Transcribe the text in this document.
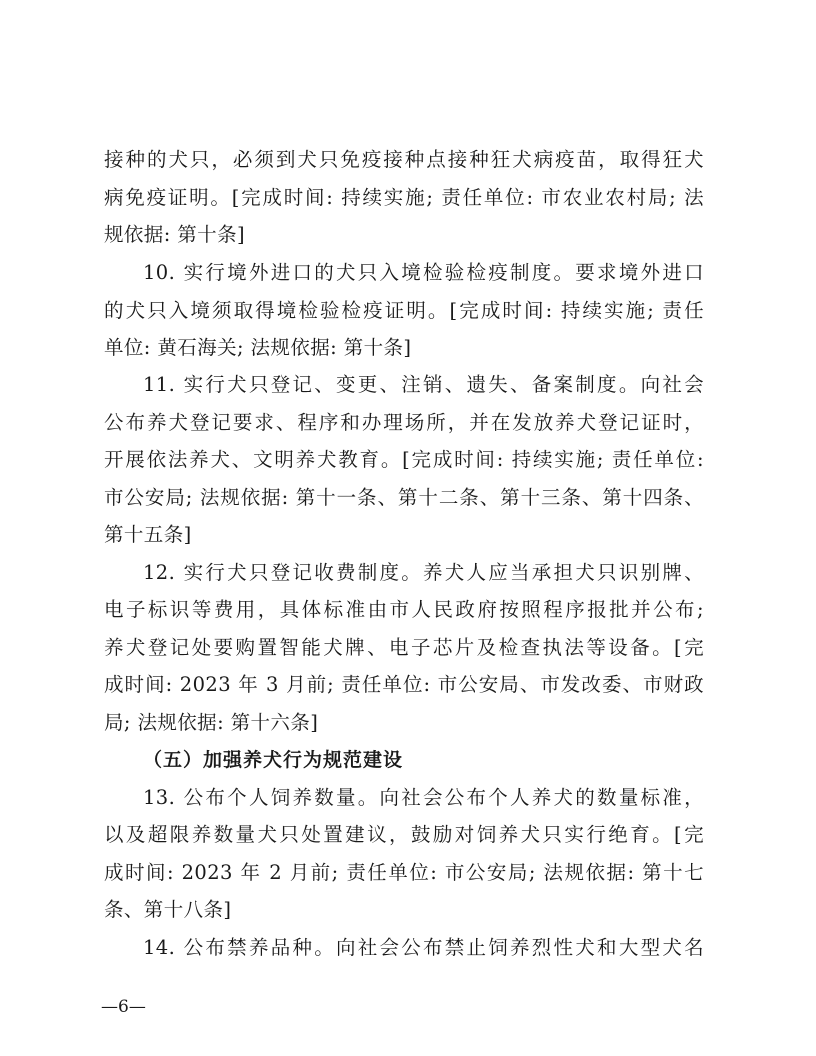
接种的犬只，必须到犬只免疫接种点接种狂犬病疫苗，取得狂犬
病免疫证明。[完成时间: 持续实施; 责任单位: 市农业农村局; 法
规依据: 第十条]
10. 实行境外进口的犬只入境检验检疫制度。要求境外进口
的犬只入境须取得境检验检疫证明。[完成时间: 持续实施; 责任
单位: 黄石海关; 法规依据: 第十条]
11. 实行犬只登记、变更、注销、遗失、备案制度。向社会
公布养犬登记要求、程序和办理场所，并在发放养犬登记证时，
开展依法养犬、文明养犬教育。[完成时间: 持续实施; 责任单位:
市公安局; 法规依据: 第十一条、第十二条、第十三条、第十四条、
第十五条]
12. 实行犬只登记收费制度。养犬人应当承担犬只识别牌、
电子标识等费用，具体标准由市人民政府按照程序报批并公布;
养犬登记处要购置智能犬牌、电子芯片及检查执法等设备。[完
成时间: 2023 年 3 月前; 责任单位: 市公安局、市发改委、市财政
局; 法规依据: 第十六条]
（五）加强养犬行为规范建设
13. 公布个人饲养数量。向社会公布个人养犬的数量标准，
以及超限养数量犬只处置建议，鼓励对饲养犬只实行绝育。[完
成时间: 2023 年 2 月前; 责任单位: 市公安局; 法规依据: 第十七
条、第十八条]
14. 公布禁养品种。向社会公布禁止饲养烈性犬和大型犬名
—6—
